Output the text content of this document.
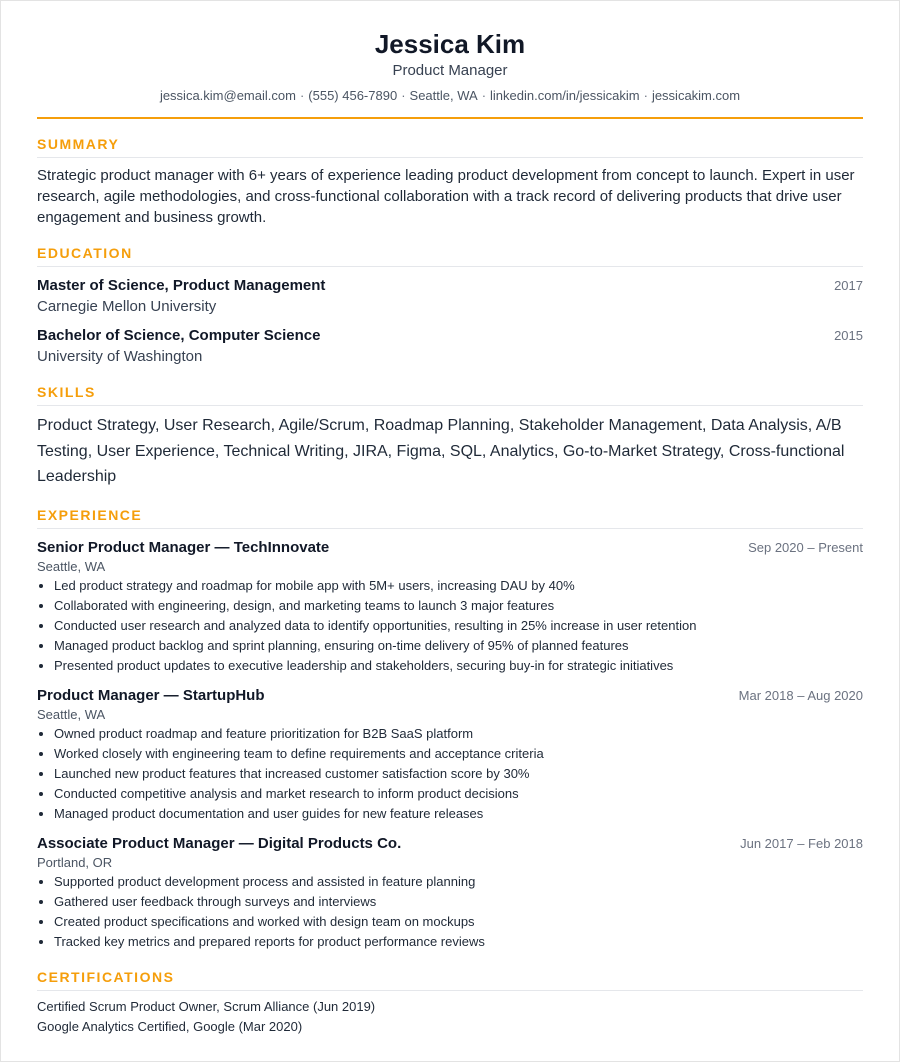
Jessica Kim
Product Manager
jessica.kim@email.com · (555) 456-7890 · Seattle, WA · linkedin.com/in/jessicakim · jessicakim.com
SUMMARY
Strategic product manager with 6+ years of experience leading product development from concept to launch. Expert in user research, agile methodologies, and cross-functional collaboration with a track record of delivering products that drive user engagement and business growth.
EDUCATION
Master of Science, Product Management	2017
Carnegie Mellon University
Bachelor of Science, Computer Science	2015
University of Washington
SKILLS
Product Strategy, User Research, Agile/Scrum, Roadmap Planning, Stakeholder Management, Data Analysis, A/B Testing, User Experience, Technical Writing, JIRA, Figma, SQL, Analytics, Go-to-Market Strategy, Cross-functional Leadership
EXPERIENCE
Senior Product Manager — TechInnovate	Sep 2020 – Present
Seattle, WA
• Led product strategy and roadmap for mobile app with 5M+ users, increasing DAU by 40%
• Collaborated with engineering, design, and marketing teams to launch 3 major features
• Conducted user research and analyzed data to identify opportunities, resulting in 25% increase in user retention
• Managed product backlog and sprint planning, ensuring on-time delivery of 95% of planned features
• Presented product updates to executive leadership and stakeholders, securing buy-in for strategic initiatives
Product Manager — StartupHub	Mar 2018 – Aug 2020
Seattle, WA
• Owned product roadmap and feature prioritization for B2B SaaS platform
• Worked closely with engineering team to define requirements and acceptance criteria
• Launched new product features that increased customer satisfaction score by 30%
• Conducted competitive analysis and market research to inform product decisions
• Managed product documentation and user guides for new feature releases
Associate Product Manager — Digital Products Co.	Jun 2017 – Feb 2018
Portland, OR
• Supported product development process and assisted in feature planning
• Gathered user feedback through surveys and interviews
• Created product specifications and worked with design team on mockups
• Tracked key metrics and prepared reports for product performance reviews
CERTIFICATIONS
Certified Scrum Product Owner, Scrum Alliance (Jun 2019)
Google Analytics Certified, Google (Mar 2020)
